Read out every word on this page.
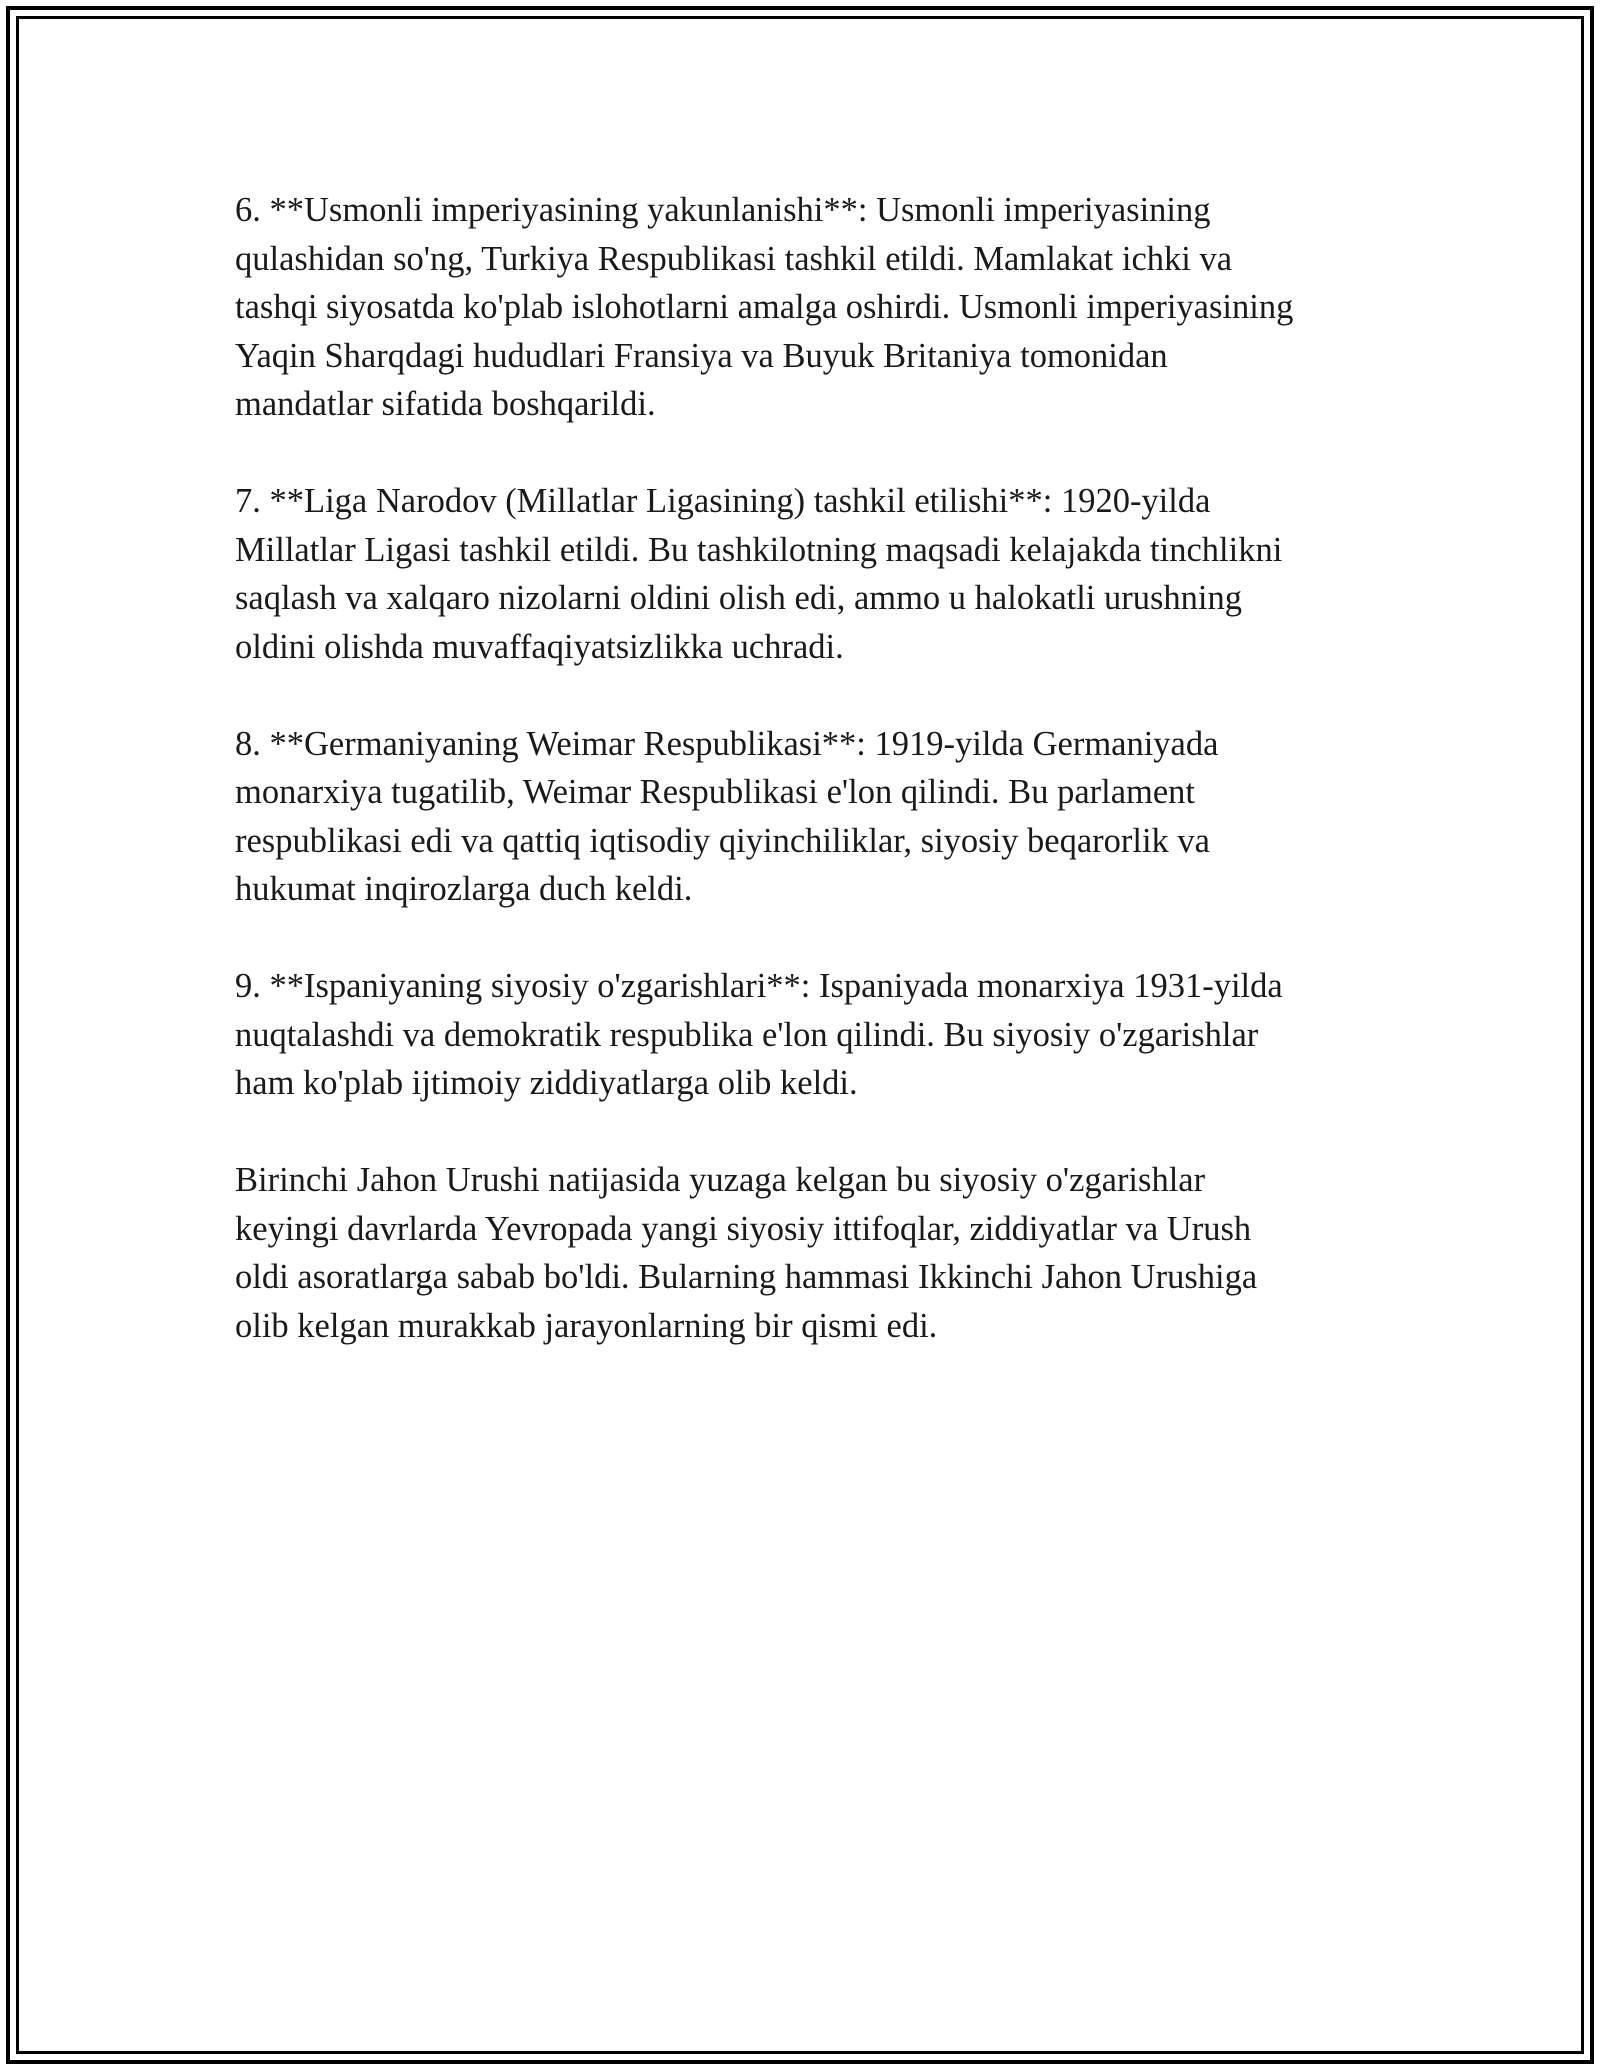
6. **Usmonli imperiyasining yakunlanishi**: Usmonli imperiyasining
qulashidan so'ng, Turkiya Respublikasi tashkil etildi. Mamlakat ichki va
tashqi siyosatda ko'plab islohotlarni amalga oshirdi. Usmonli imperiyasining
Yaqin Sharqdagi hududlari Fransiya va Buyuk Britaniya tomonidan
mandatlar sifatida boshqarildi.

7. **Liga Narodov (Millatlar Ligasining) tashkil etilishi**: 1920-yilda
Millatlar Ligasi tashkil etildi. Bu tashkilotning maqsadi kelajakda tinchlikni
saqlash va xalqaro nizolarni oldini olish edi, ammo u halokatli urushning
oldini olishda muvaffaqiyatsizlikka uchradi.

8. **Germaniyaning Weimar Respublikasi**: 1919-yilda Germaniyada
monarxiya tugatilib, Weimar Respublikasi e'lon qilindi. Bu parlament
respublikasi edi va qattiq iqtisodiy qiyinchiliklar, siyosiy beqarorlik va
hukumat inqirozlarga duch keldi.

9. **Ispaniyaning siyosiy o'zgarishlari**: Ispaniyada monarxiya 1931-yilda
nuqtalashdi va demokratik respublika e'lon qilindi. Bu siyosiy o'zgarishlar
ham ko'plab ijtimoiy ziddiyatlarga olib keldi.

Birinchi Jahon Urushi natijasida yuzaga kelgan bu siyosiy o'zgarishlar
keyingi davrlarda Yevropada yangi siyosiy ittifoqlar, ziddiyatlar va Urush
oldi asoratlarga sabab bo'ldi. Bularning hammasi Ikkinchi Jahon Urushiga
olib kelgan murakkab jarayonlarning bir qismi edi.
